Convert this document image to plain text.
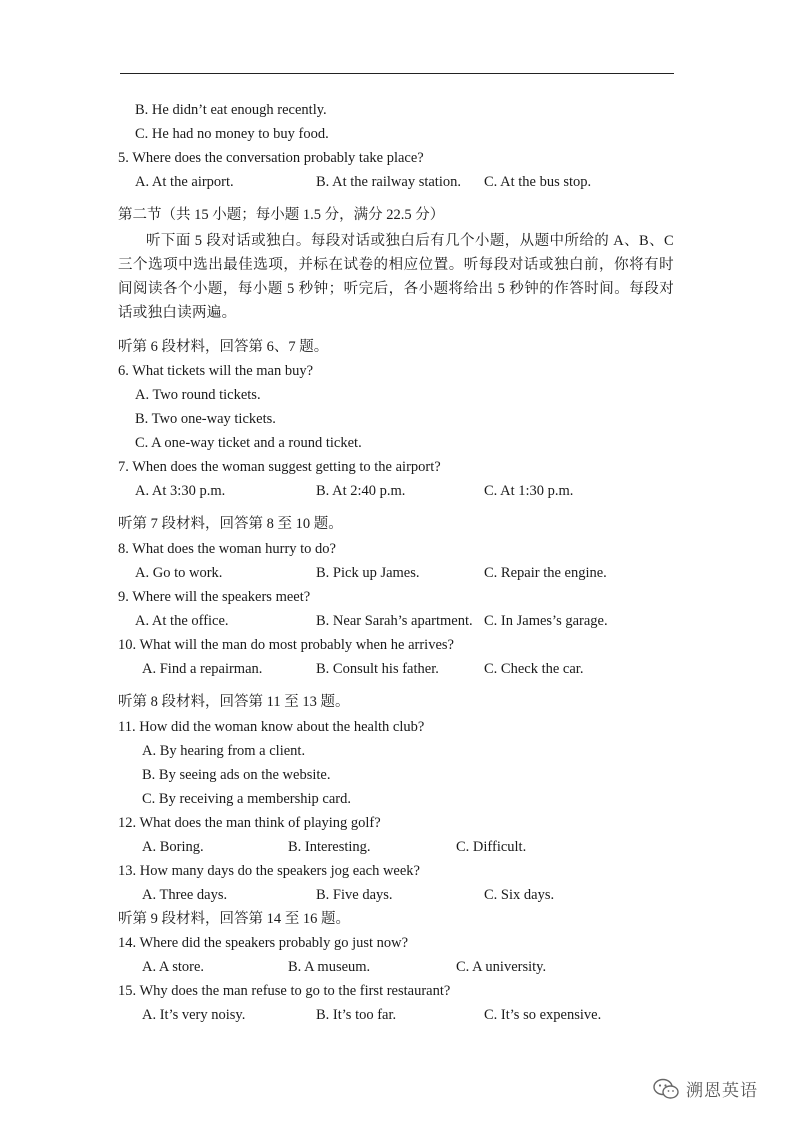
B. He didn’t eat enough recently.
C. He had no money to buy food.
5. Where does the conversation probably take place?
A. At the airport.	B. At the railway station. C. At the bus stop.
第二节（共 15 小题；每小题 1.5 分，满分 22.5 分）
听第 6 段材料，回答第 6、7 题。
6. What tickets will the man buy?
A. Two round tickets.
B. Two one-way tickets.
C. A one-way ticket and a round ticket.
7. When does the woman suggest getting to the airport?
A. At 3:30 p.m.	B. At 2:40 p.m.	C. At 1:30 p.m.
听第 7 段材料，回答第 8 至 10 题。
8. What does the woman hurry to do?
A. Go to work.	B. Pick up James.	C. Repair the engine.
9. Where will the speakers meet?
A. At the office.	B. Near Sarah’s apartment. C. In James’s garage.
10. What will the man do most probably when he arrives?
A. Find a repairman.	B. Consult his father.	C. Check the car.
听第 8 段材料，回答第 11 至 13 题。
11. How did the woman know about the health club?
A. By hearing from a client.
B. By seeing ads on the website.
C. By receiving a membership card.
12. What does the man think of playing golf?
A. Boring.	B. Interesting.	C. Difficult.
13. How many days do the speakers jog each week?
A. Three days.	B. Five days.	C. Six days.
听第 9 段材料，回答第 14 至 16 题。
14. Where did the speakers probably go just now?
A. A store.	B. A museum.	C. A university.
15. Why does the man refuse to go to the first restaurant?
A. It’s very noisy.	B. It’s too far.	C. It’s so expensive.
听下面 5 段对话或独白。每段对话或独白后有几个小题，从题中所给的 A、B、C 三个选项中选出最佳选项，并标在试卷的相应位置。听每段对话或独白前，你将有时间阅读各个小题，每小题 5 秒钟；听完后，各小题将给出 5 秒钟的作答时间。每段对话或独白读两遍。
溯恩英语
